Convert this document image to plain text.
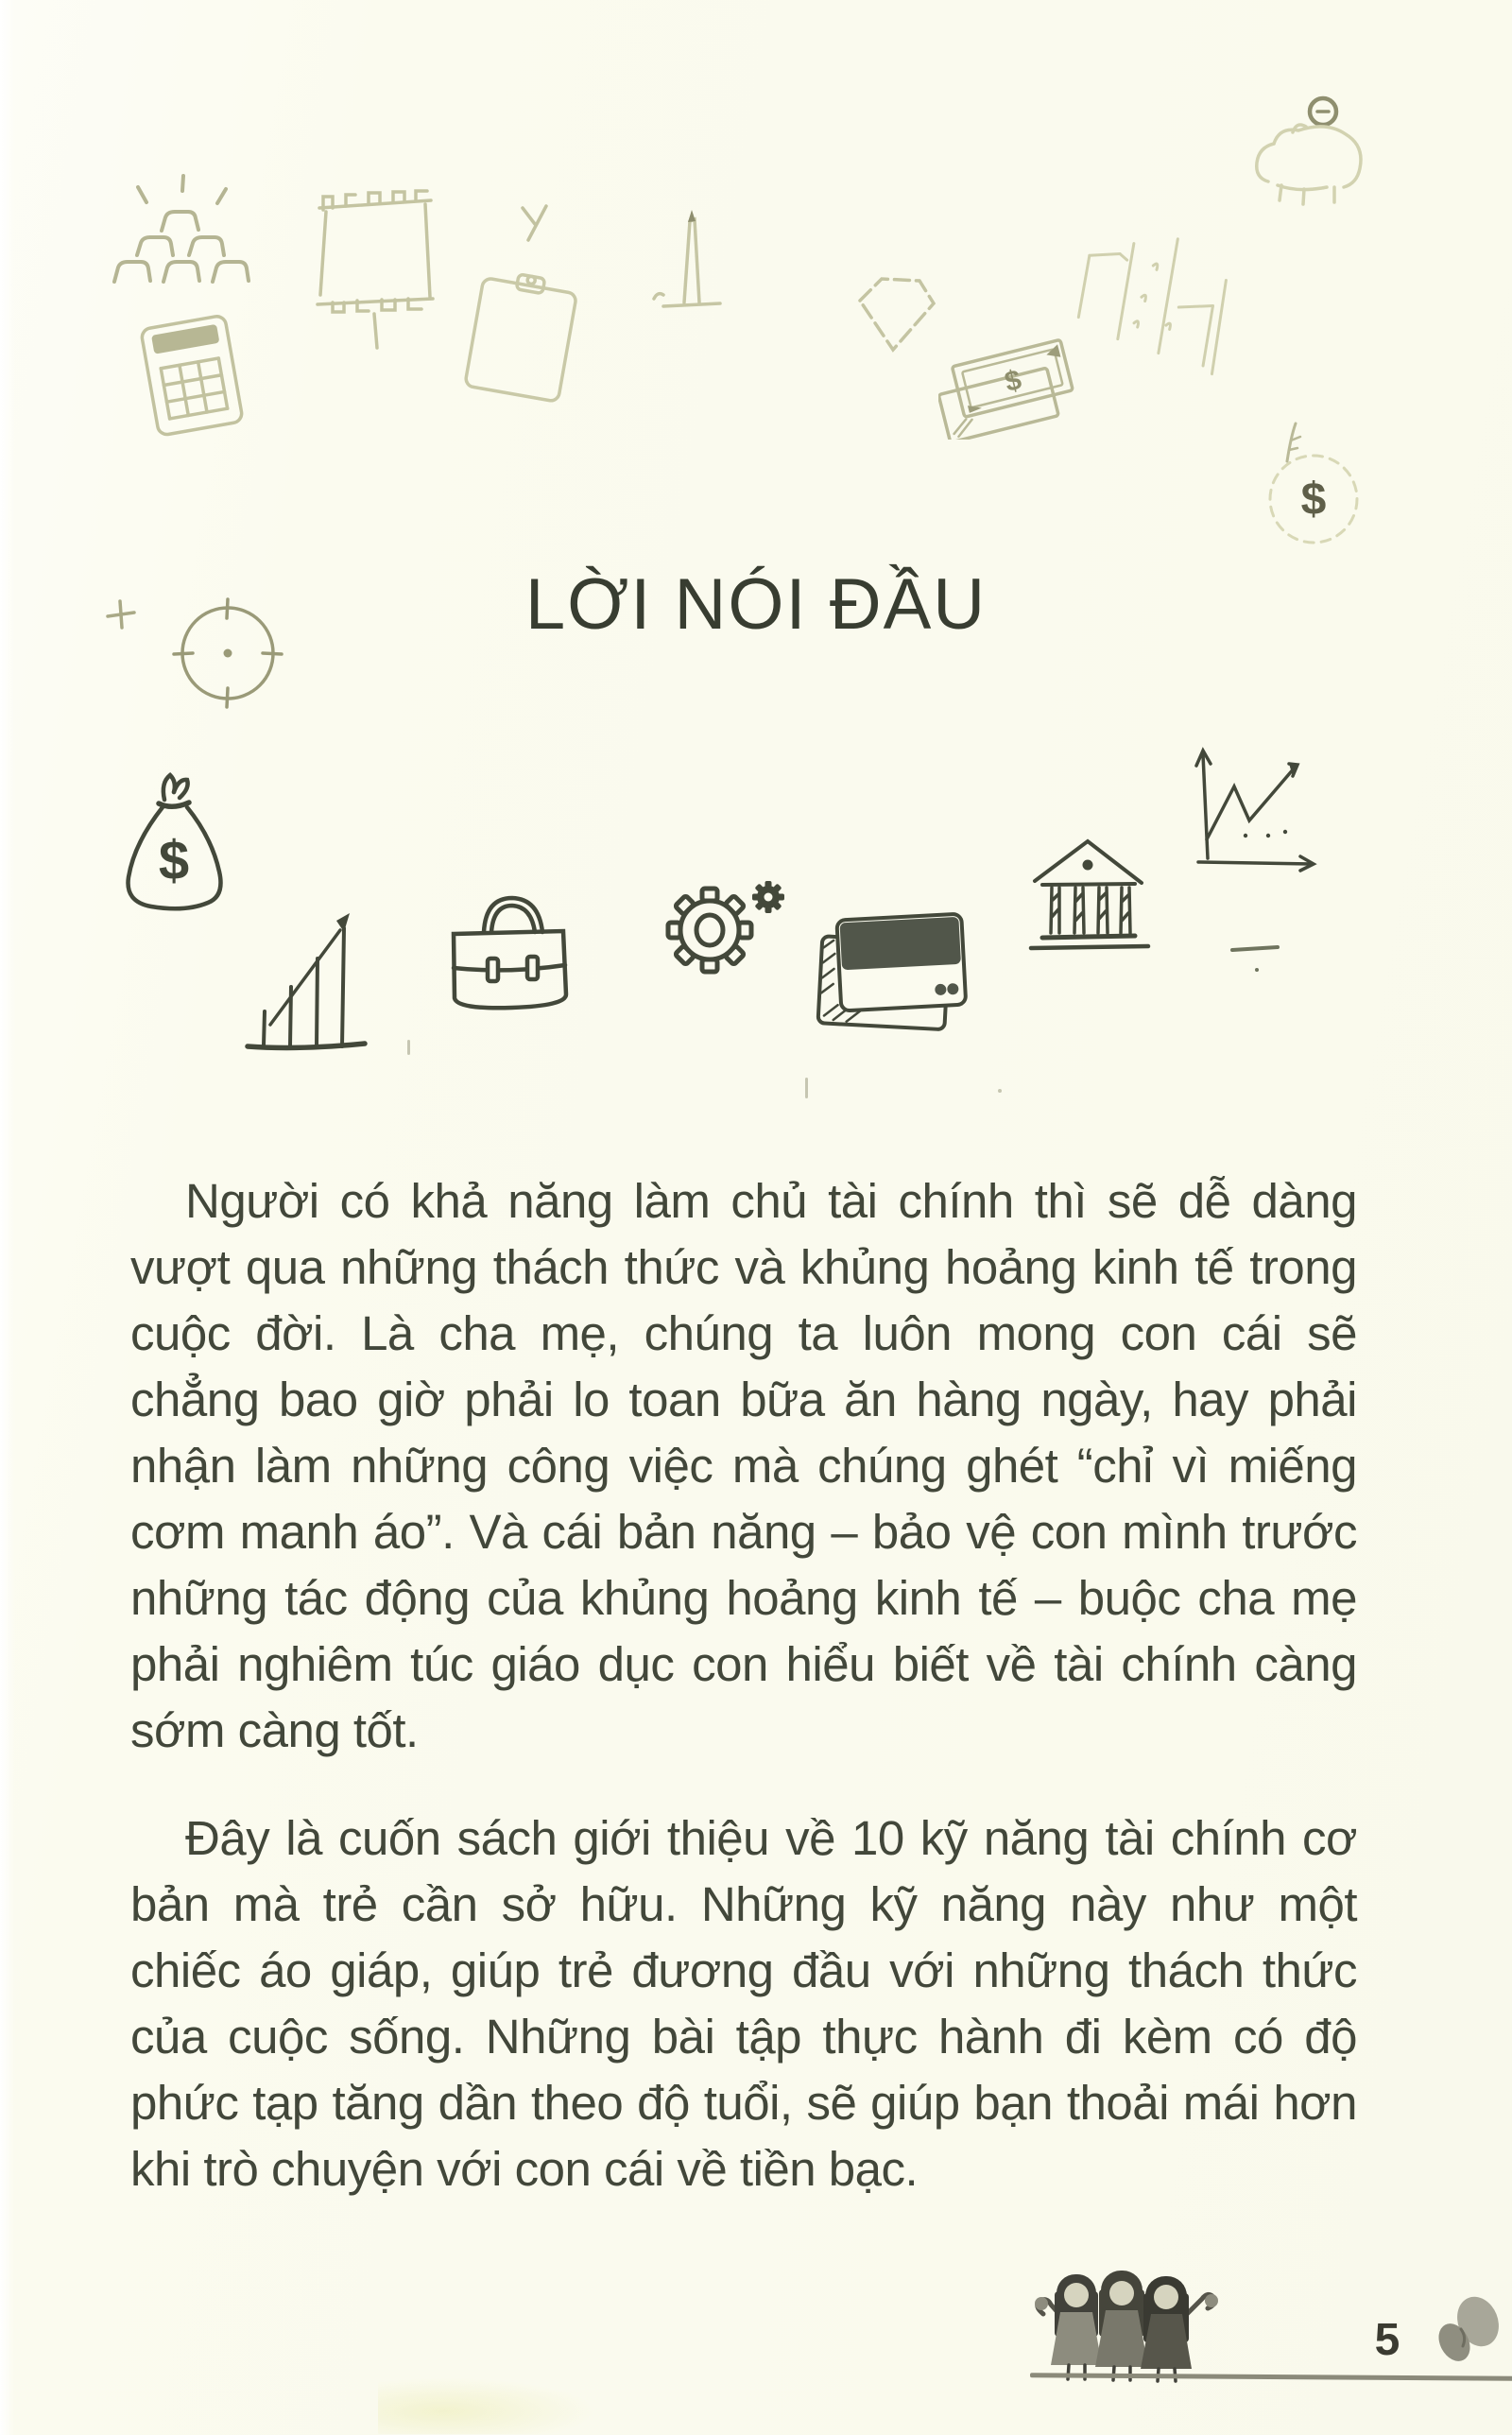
$
$
$
LỜI NÓI ĐẦU

Người có khả năng làm chủ tài chính thì sẽ dễ dàng vượt qua những thách thức và khủng hoảng kinh tế trong cuộc đời. Là cha mẹ, chúng ta luôn mong con cái sẽ chẳng bao giờ phải lo toan bữa ăn hàng ngày, hay phải nhận làm những công việc mà chúng ghét “chỉ vì miếng cơm manh áo”. Và cái bản năng – bảo vệ con mình trước những tác động của khủng hoảng kinh tế – buộc cha mẹ phải nghiêm túc giáo dục con hiểu biết về tài chính càng sớm càng tốt.

Đây là cuốn sách giới thiệu về 10 kỹ năng tài chính cơ bản mà trẻ cần sở hữu. Những kỹ năng này như một chiếc áo giáp, giúp trẻ đương đầu với những thách thức của cuộc sống. Những bài tập thực hành đi kèm có độ phức tạp tăng dần theo độ tuổi, sẽ giúp bạn thoải mái hơn khi trò chuyện với con cái về tiền bạc.

5
